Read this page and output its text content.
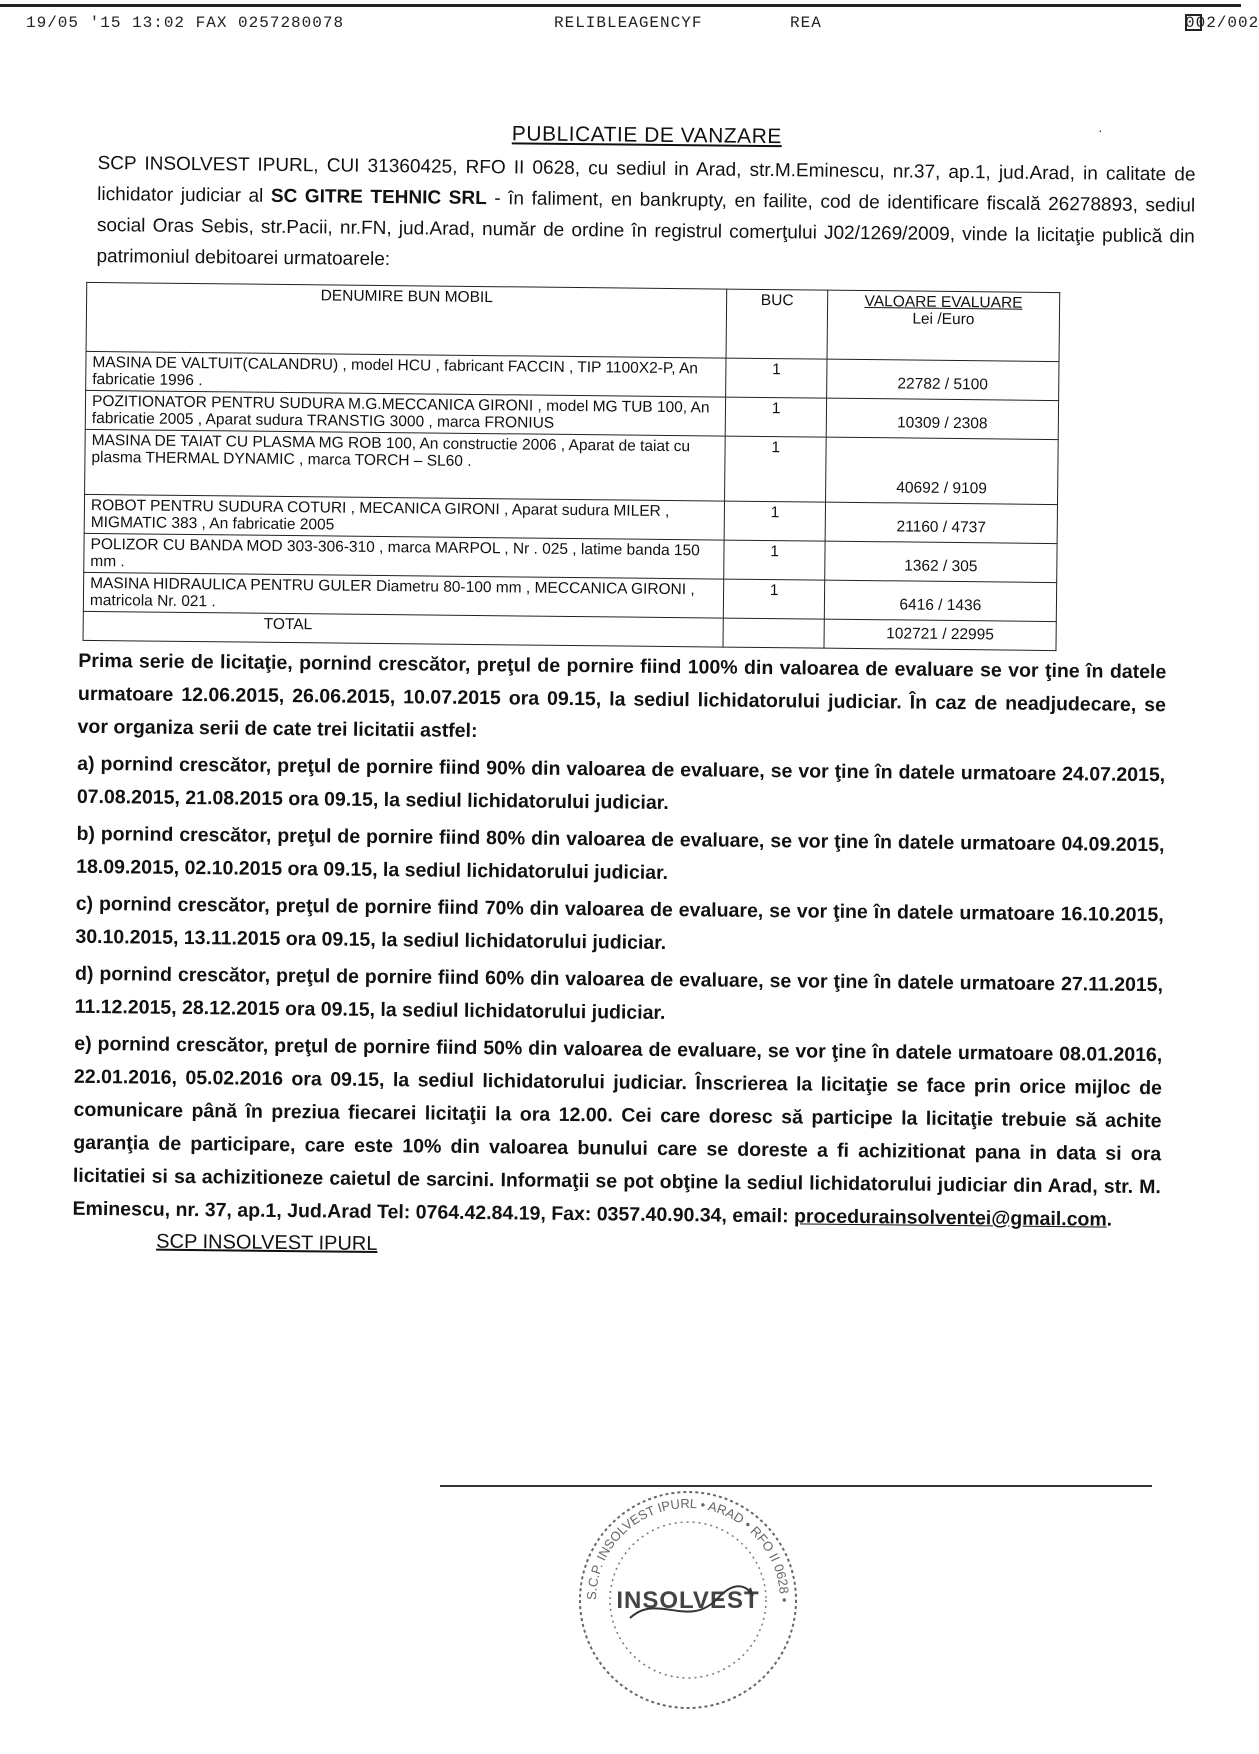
19/05 '15 13:02 FAX 0257280078	RELIBLEAGENCYF	REA	002/002
PUBLICATIE DE VANZARE

SCP INSOLVEST IPURL, CUI 31360425, RFO II 0628, cu sediul in Arad, str.M.Eminescu, nr.37, ap.1, jud.Arad, in calitate de lichidator judiciar al SC GITRE TEHNIC SRL - în faliment, en bankrupty, en failite, cod de identificare fiscală 26278893, sediul social Oras Sebis, str.Pacii, nr.FN, jud.Arad, număr de ordine în registrul comerţului J02/1269/2009, vinde la licitaţie publică din patrimoniul debitoarei urmatoarele:

DENUMIRE BUN MOBIL	BUC	VALOARE EVALUARE
Lei /Euro

MASINA DE VALTUIT(CALANDRU) , model HCU , fabricant FACCIN , TIP 1100X2-P, An fabricatie 1996 .	1	22782 / 5100
POZITIONATOR PENTRU SUDURA M.G.MECCANICA GIRONI , model MG TUB 100, An fabricatie 2005 , Aparat sudura TRANSTIG 3000 , marca FRONIUS	1	10309 / 2308
MASINA DE TAIAT CU PLASMA MG ROB 100, An constructie 2006 , Aparat de taiat cu plasma THERMAL DYNAMIC , marca TORCH – SL60 .	1	40692 / 9109
ROBOT PENTRU SUDURA COTURI , MECANICA GIRONI , Aparat sudura MILER , MIGMATIC 383 , An fabricatie 2005	1	21160 / 4737
POLIZOR CU BANDA MOD 303-306-310 , marca MARPOL , Nr . 025 , latime banda 150 mm .	1	1362 / 305
MASINA HIDRAULICA PENTRU GULER Diametru 80-100 mm , MECCANICA GIRONI , matricola Nr. 021 .	1	6416 / 1436
TOTAL		102721 / 22995

Prima serie de licitaţie, pornind crescător, preţul de pornire fiind 100% din valoarea de evaluare se vor ţine în datele urmatoare 12.06.2015, 26.06.2015, 10.07.2015 ora 09.15, la sediul lichidatorului judiciar. În caz de neadjudecare, se vor organiza serii de cate trei licitatii astfel:

a) pornind crescător, preţul de pornire fiind 90% din valoarea de evaluare, se vor ţine în datele urmatoare 24.07.2015, 07.08.2015, 21.08.2015 ora 09.15, la sediul lichidatorului judiciar.

b) pornind crescător, preţul de pornire fiind 80% din valoarea de evaluare, se vor ţine în datele urmatoare 04.09.2015, 18.09.2015, 02.10.2015 ora 09.15, la sediul lichidatorului judiciar.

c) pornind crescător, preţul de pornire fiind 70% din valoarea de evaluare, se vor ţine în datele urmatoare 16.10.2015, 30.10.2015, 13.11.2015 ora 09.15, la sediul lichidatorului judiciar.

d) pornind crescător, preţul de pornire fiind 60% din valoarea de evaluare, se vor ţine în datele urmatoare 27.11.2015, 11.12.2015, 28.12.2015 ora 09.15, la sediul lichidatorului judiciar.

e) pornind crescător, preţul de pornire fiind 50% din valoarea de evaluare, se vor ţine în datele urmatoare 08.01.2016, 22.01.2016, 05.02.2016 ora 09.15, la sediul lichidatorului judiciar. Înscrierea la licitaţie se face prin orice mijloc de comunicare până în preziua fiecarei licitaţii la ora 12.00. Cei care doresc să participe la licitaţie trebuie să achite garanţia de participare, care este 10% din valoarea bunului care se doreste a fi achizitionat pana in data si ora licitatiei si sa achizitioneze caietul de sarcini. Informaţii se pot obţine la sediul lichidatorului judiciar din Arad, str. M. Eminescu, nr. 37, ap.1, Jud.Arad Tel: 0764.42.84.19, Fax: 0357.40.90.34, email: procedurainsolventei@gmail.com.

SCP INSOLVEST IPURL
S.C.P. INSOLVEST IPURL • ARAD • RFO II 0628 •
INSOLVEST
·
